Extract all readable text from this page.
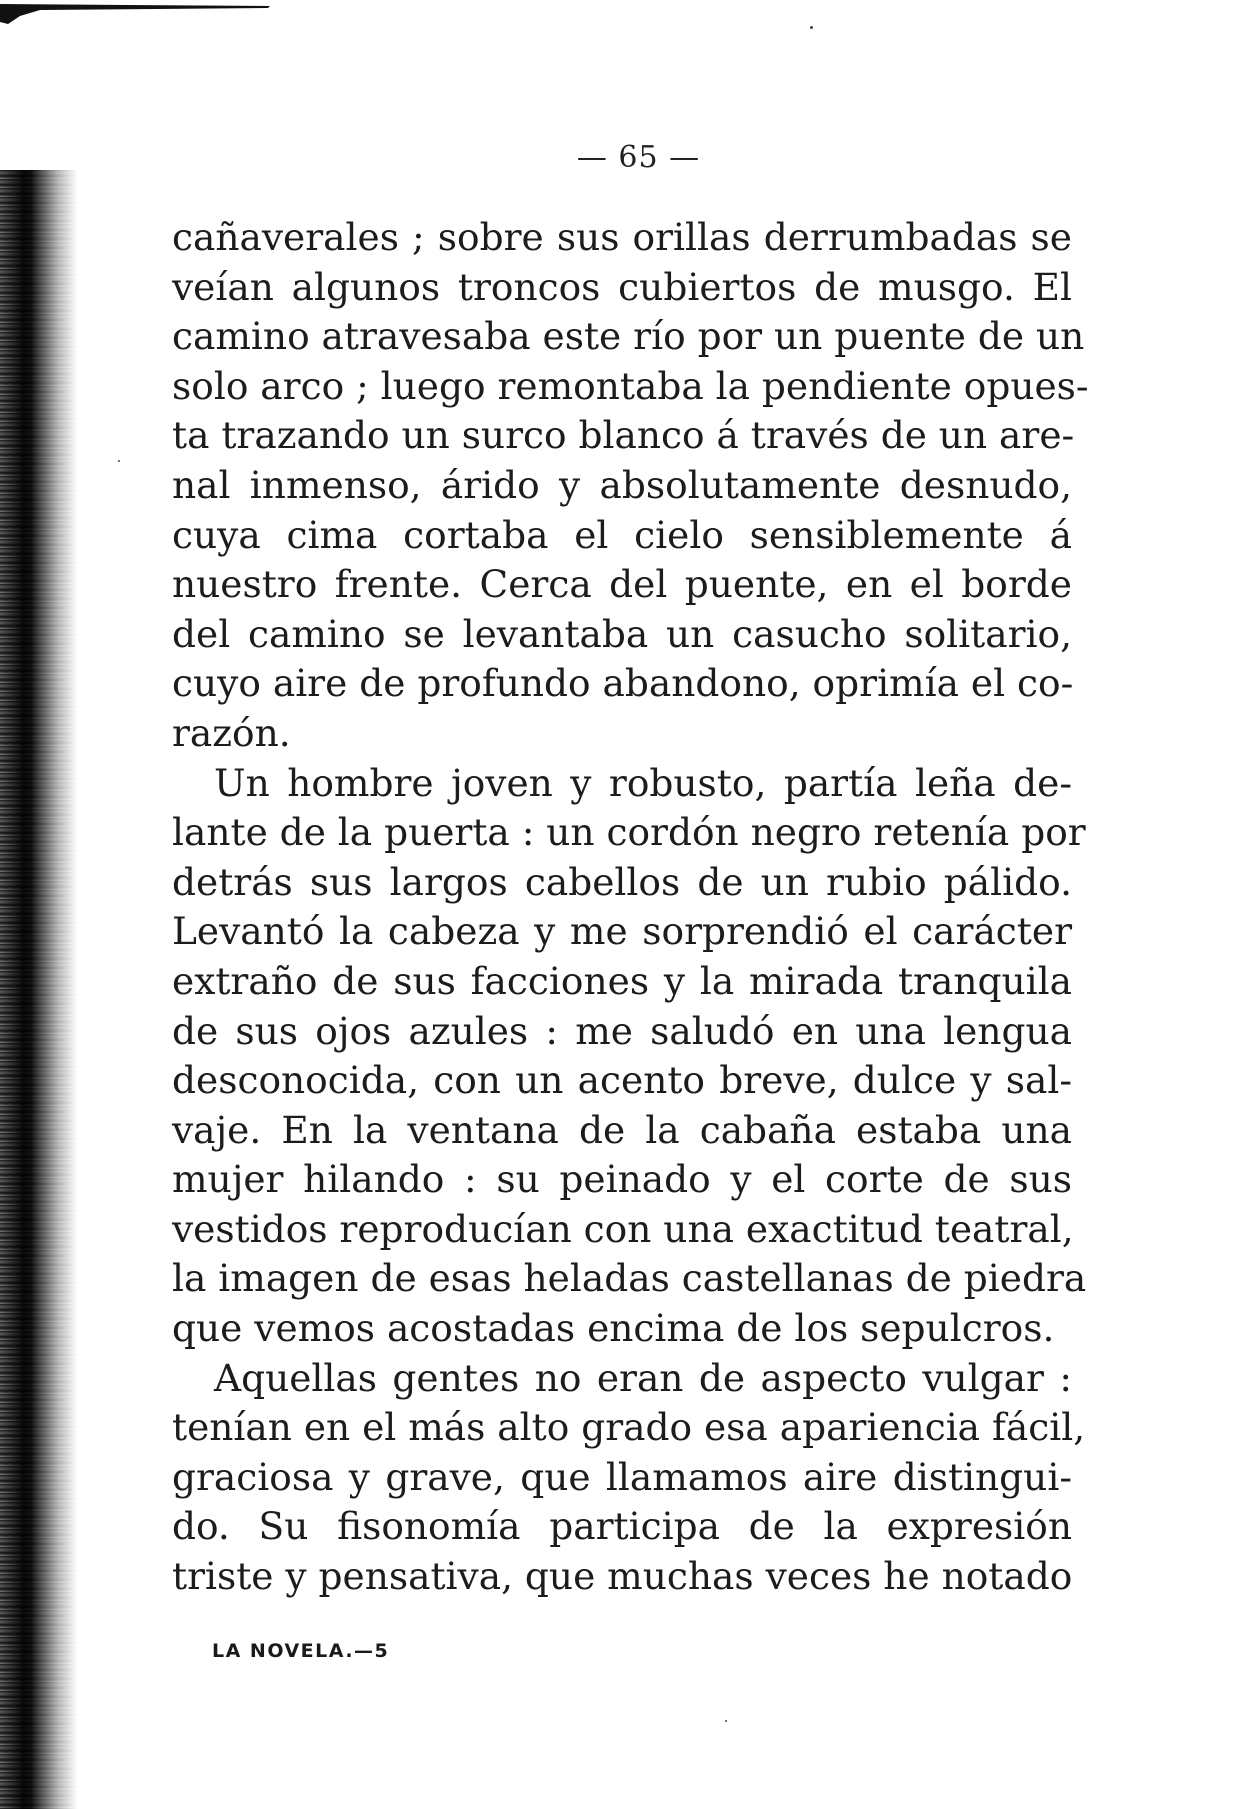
— 65 —

cañaverales ; sobre sus orillas derrumbadas se
veían algunos troncos cubiertos de musgo. El
camino atravesaba este río por un puente de un
solo arco ; luego remontaba la pendiente opues-
ta trazando un surco blanco á través de un are-
nal inmenso, árido y absolutamente desnudo,
cuya cima cortaba el cielo sensiblemente á
nuestro frente. Cerca del puente, en el borde
del camino se levantaba un casucho solitario,
cuyo aire de profundo abandono, oprimía el co-
razón.

Un hombre joven y robusto, partía leña de-
lante de la puerta : un cordón negro retenía por
detrás sus largos cabellos de un rubio pálido.
Levantó la cabeza y me sorprendió el carácter
extraño de sus facciones y la mirada tranquila
de sus ojos azules : me saludó en una lengua
desconocida, con un acento breve, dulce y sal-
vaje. En la ventana de la cabaña estaba una
mujer hilando : su peinado y el corte de sus
vestidos reproducían con una exactitud teatral,
la imagen de esas heladas castellanas de piedra
que vemos acostadas encima de los sepulcros.

Aquellas gentes no eran de aspecto vulgar :
tenían en el más alto grado esa apariencia fácil,
graciosa y grave, que llamamos aire distingui-
do. Su fisonomía participa de la expresión
triste y pensativa, que muchas veces he notado

LA NOVELA.—5
